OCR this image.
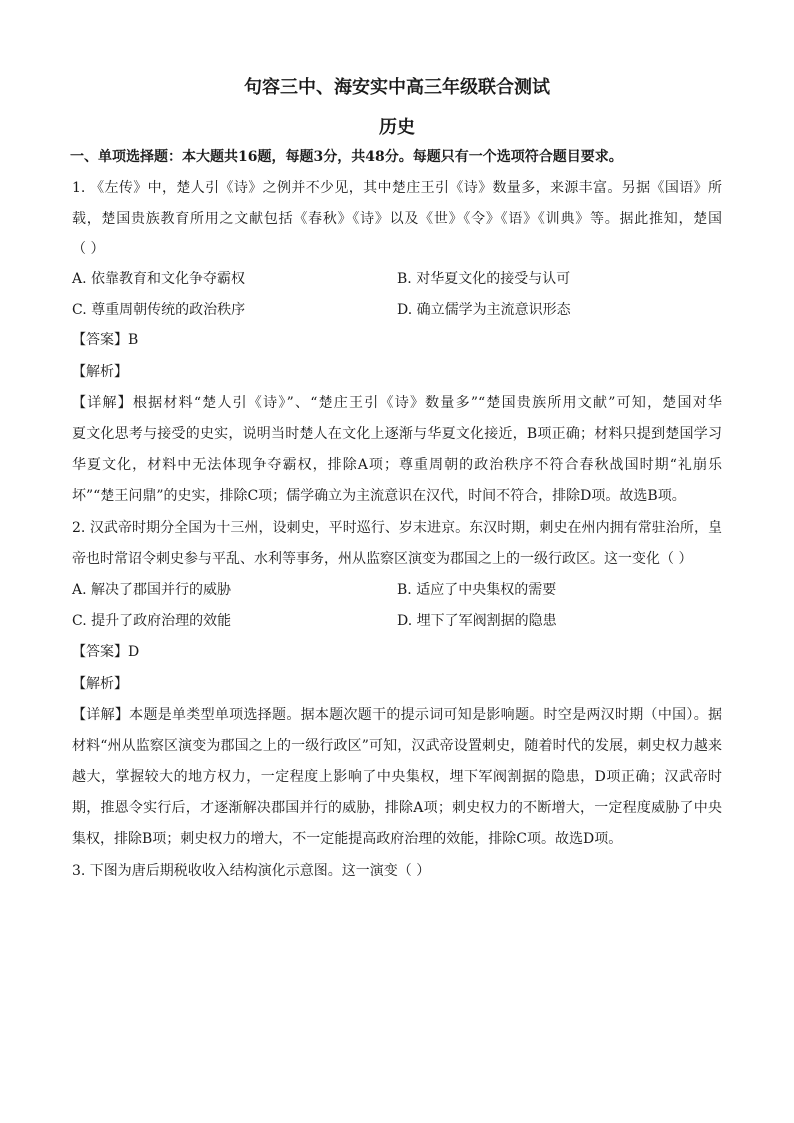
句容三中、海安实中高三年级联合测试
历史
一、单项选择题：本大题共16题，每题3分，共48分。每题只有一个选项符合题目要求。
1. 《左传》中，楚人引《诗》之例并不少见，其中楚庄王引《诗》数量多，来源丰富。另据《国语》所
载，楚国贵族教育所用之文献包括《春秋》《诗》以及《世》《令》《语》《训典》等。据此推知，楚国
（ ）
A. 依靠教育和文化争夺霸权	B. 对华夏文化的接受与认可
C. 尊重周朝传统的政治秩序	D. 确立儒学为主流意识形态
【答案】B
【解析】
【详解】根据材料“楚人引《诗》”、“楚庄王引《诗》数量多”“楚国贵族所用文献”可知，楚国对华
夏文化思考与接受的史实，说明当时楚人在文化上逐渐与华夏文化接近，B项正确；材料只提到楚国学习
华夏文化，材料中无法体现争夺霸权，排除A项；尊重周朝的政治秩序不符合春秋战国时期“礼崩乐
坏”“楚王问鼎”的史实，排除C项；儒学确立为主流意识在汉代，时间不符合，排除D项。故选B项。
2. 汉武帝时期分全国为十三州，设刺史，平时巡行、岁末进京。东汉时期，刺史在州内拥有常驻治所，皇
帝也时常诏令刺史参与平乱、水利等事务，州从监察区演变为郡国之上的一级行政区。这一变化（ ）
A. 解决了郡国并行的威胁	B. 适应了中央集权的需要
C. 提升了政府治理的效能	D. 埋下了军阀割据的隐患
【答案】D
【解析】
【详解】本题是单类型单项选择题。据本题次题干的提示词可知是影响题。时空是两汉时期（中国）。据
材料“州从监察区演变为郡国之上的一级行政区”可知，汉武帝设置刺史，随着时代的发展，刺史权力越来
越大，掌握较大的地方权力，一定程度上影响了中央集权，埋下军阀割据的隐患，D项正确；汉武帝时
期，推恩令实行后，才逐渐解决郡国并行的威胁，排除A项；刺史权力的不断增大，一定程度威胁了中央
集权，排除B项；刺史权力的增大，不一定能提高政府治理的效能，排除C项。故选D项。
3. 下图为唐后期税收收入结构演化示意图。这一演变（ ）
